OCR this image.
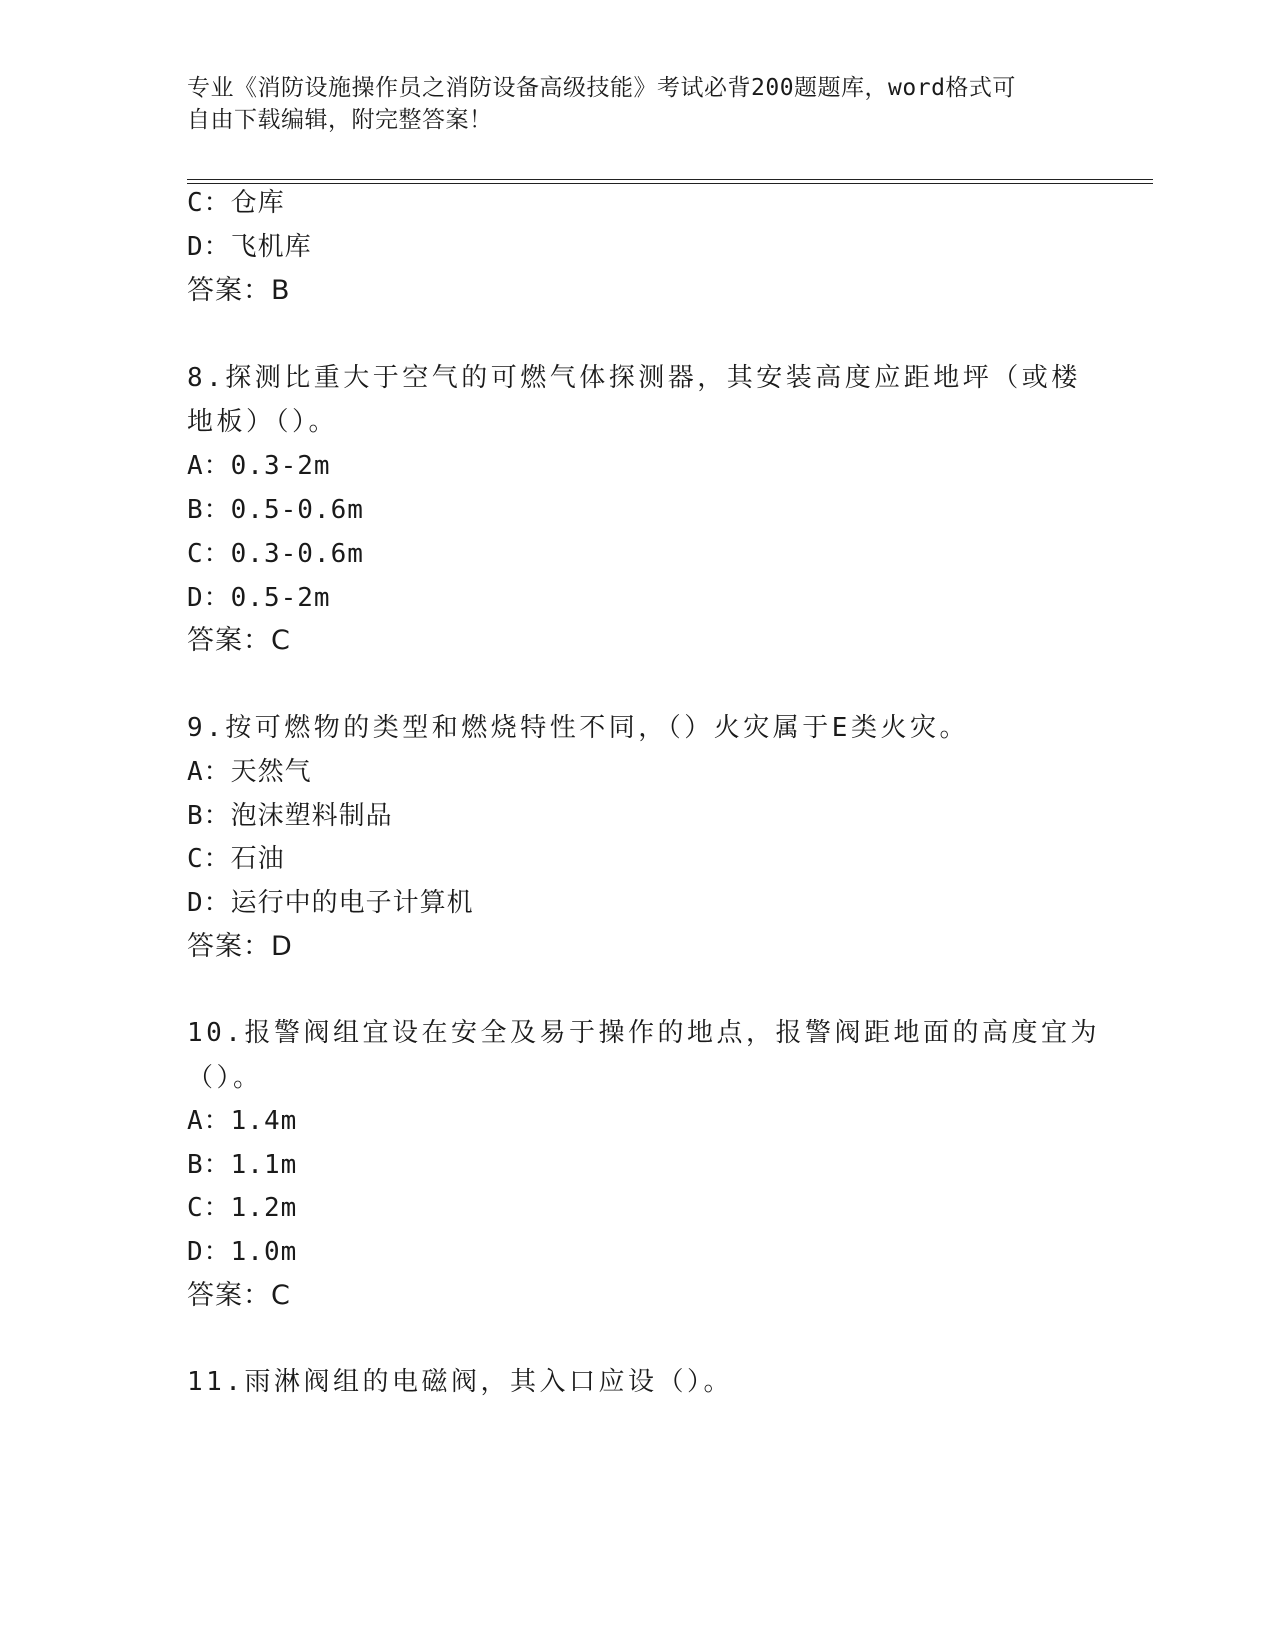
专业《消防设施操作员之消防设备高级技能》考试必背200题题库，word格式可
自由下载编辑，附完整答案！
C：仓库
D：飞机库
答案：B
8.探测比重大于空气的可燃气体探测器，其安装高度应距地坪（或楼
地板）（）。
A：0.3-2m
B：0.5-0.6m
C：0.3-0.6m
D：0.5-2m
答案：C
9.按可燃物的类型和燃烧特性不同，（）火灾属于E类火灾。
A：天然气
B：泡沫塑料制品
C：石油
D：运行中的电子计算机
答案：D
10.报警阀组宜设在安全及易于操作的地点，报警阀距地面的高度宜为
（）。
A：1.4m
B：1.1m
C：1.2m
D：1.0m
答案：C
11.雨淋阀组的电磁阀，其入口应设（）。
